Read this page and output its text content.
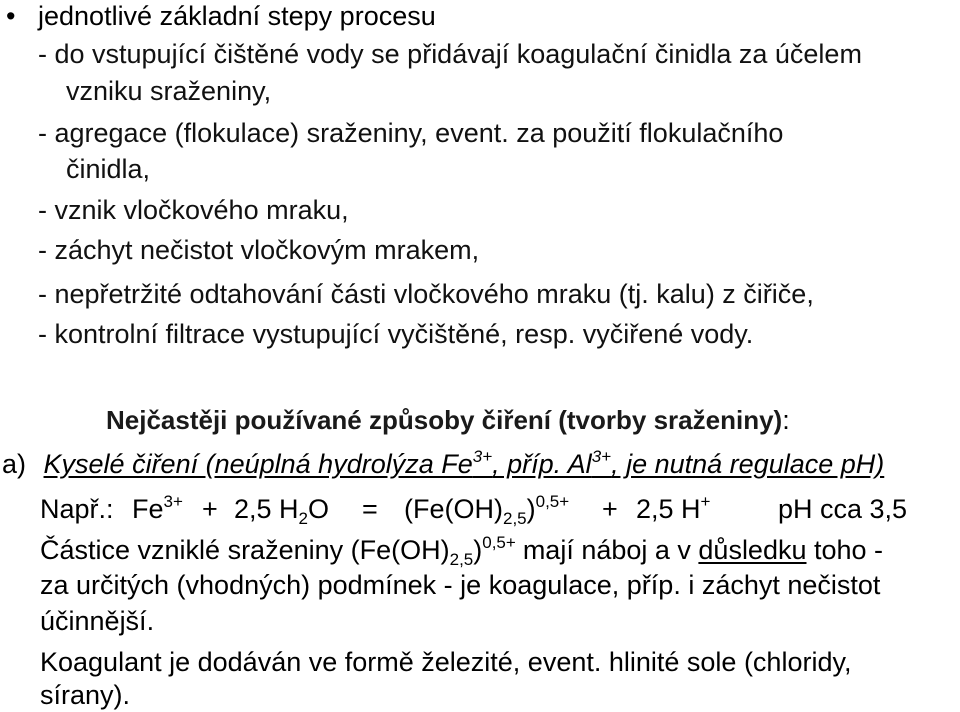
• jednotlivé základní stepy procesu
- do vstupující čištěné vody se přidávají koagulační činidla za účelem
vzniku sraženiny,
- agregace (flokulace) sraženiny, event. za použití flokulačního
činidla,
- vznik vločkového mraku,
- záchyt nečistot vločkovým mrakem,
- nepřetržité odtahování části vločkového mraku (tj. kalu) z čiřiče,
- kontrolní filtrace vystupující vyčištěné, resp. vyčiřené vody.
Nejčastěji používané způsoby čiření (tvorby sraženiny):
a) Kyselé čiření (neúplná hydrolýza $Fe^{3+}$, příp. $Al^{3+}$, je nutná regulace pH)
Např.: $Fe^{3+} + 2,5$ $H_2O = (Fe(OH)_{2,5})^{0,5+} + 2,5$ H+	pH cca 3,5
Částice vzniklé sraženiny $(Fe(OH)_{2,5})^{0,5+}$ mají náboj a v důsledku toho -
za určitých (vhodných) podmínek - je koagulace, příp. i záchyt nečistot
účinnější.
Koagulant je dodáván ve formě železité, event. hlinité sole (chloridy,
sírany).
